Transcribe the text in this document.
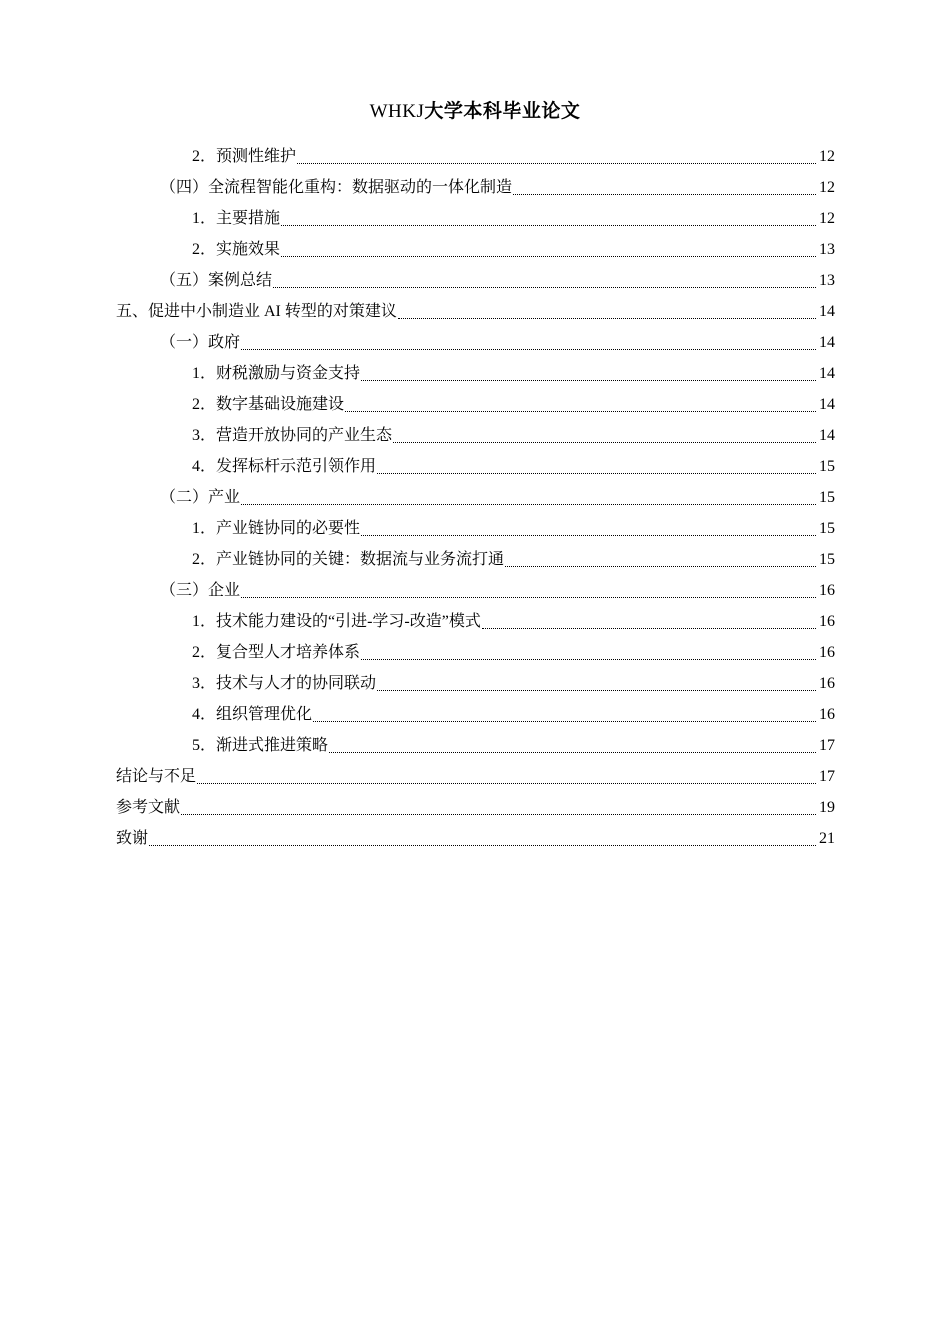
WHKJ大学本科毕业论文
2．预测性维护	12
（四）全流程智能化重构：数据驱动的一体化制造	12
1．主要措施	12
2．实施效果	13
（五）案例总结	13
五、促进中小制造业 AI 转型的对策建议	14
（一）政府	14
1．财税激励与资金支持	14
2．数字基础设施建设	14
3．营造开放协同的产业生态	14
4．发挥标杆示范引领作用	15
（二）产业	15
1．产业链协同的必要性	15
2．产业链协同的关键：数据流与业务流打通	15
（三）企业	16
1．技术能力建设的“引进-学习-改造”模式	16
2．复合型人才培养体系	16
3．技术与人才的协同联动	16
4．组织管理优化	16
5．渐进式推进策略	17
结论与不足	17
参考文献	19
致谢	21
